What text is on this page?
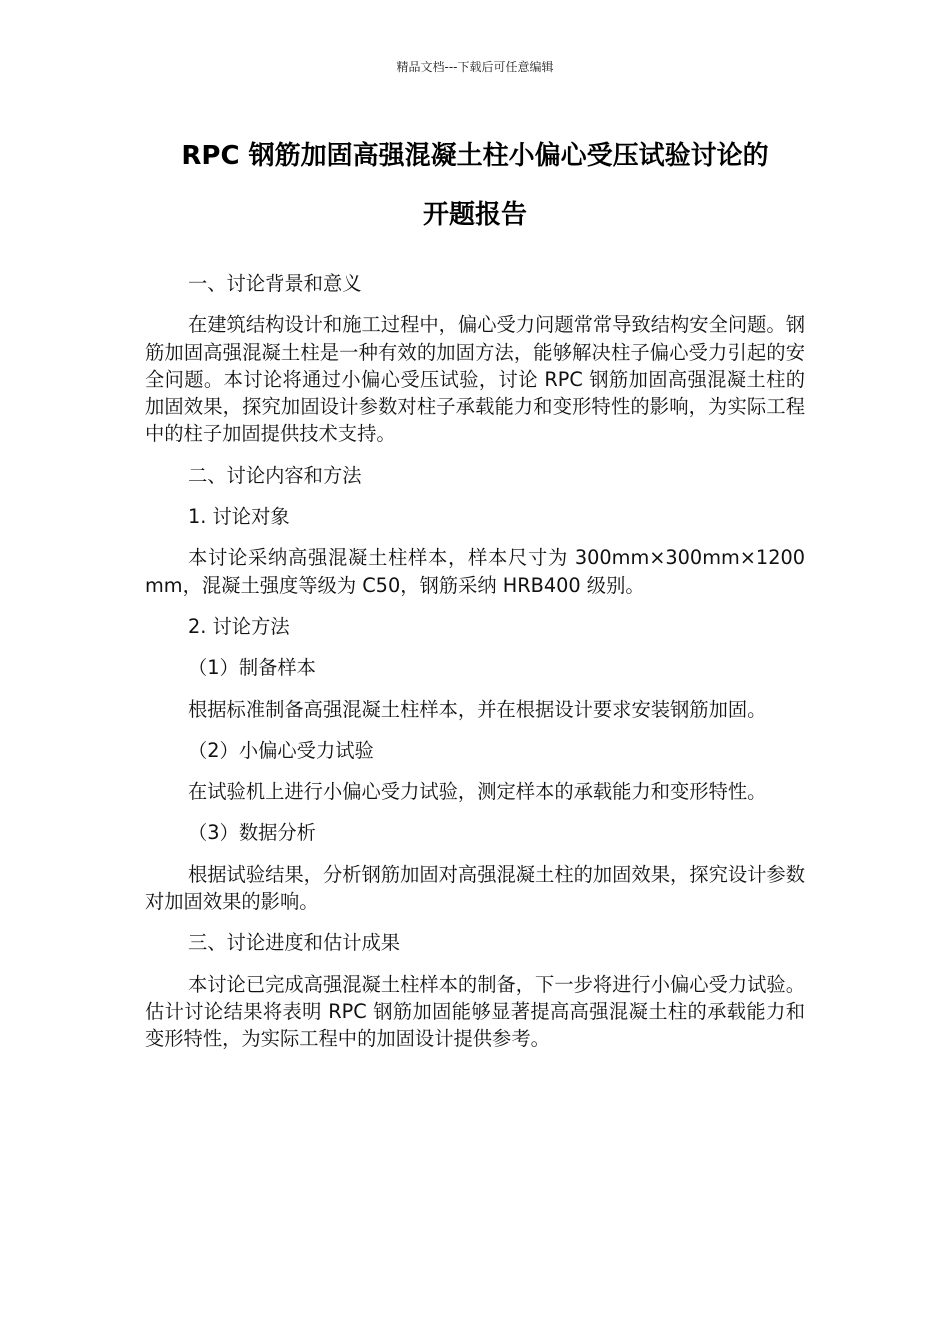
精品文档---下载后可任意编辑
RPC 钢筋加固高强混凝土柱小偏心受压试验讨论的
开题报告
一、讨论背景和意义
在建筑结构设计和施工过程中，偏心受力问题常常导致结构安全问题。钢筋加固高强混凝土柱是一种有效的加固方法，能够解决柱子偏心受力引起的安全问题。本讨论将通过小偏心受压试验，讨论 RPC 钢筋加固高强混凝土柱的加固效果，探究加固设计参数对柱子承载能力和变形特性的影响，为实际工程中的柱子加固提供技术支持。
二、讨论内容和方法
1. 讨论对象
本讨论采纳高强混凝土柱样本，样本尺寸为 300mm×300mm×1200mm，混凝土强度等级为 C50，钢筋采纳 HRB400 级别。
2. 讨论方法
（1）制备样本
根据标准制备高强混凝土柱样本，并在根据设计要求安装钢筋加固。
（2）小偏心受力试验
在试验机上进行小偏心受力试验，测定样本的承载能力和变形特性。
（3）数据分析
根据试验结果，分析钢筋加固对高强混凝土柱的加固效果，探究设计参数对加固效果的影响。
三、讨论进度和估计成果
本讨论已完成高强混凝土柱样本的制备，下一步将进行小偏心受力试验。估计讨论结果将表明 RPC 钢筋加固能够显著提高高强混凝土柱的承载能力和变形特性，为实际工程中的加固设计提供参考。
